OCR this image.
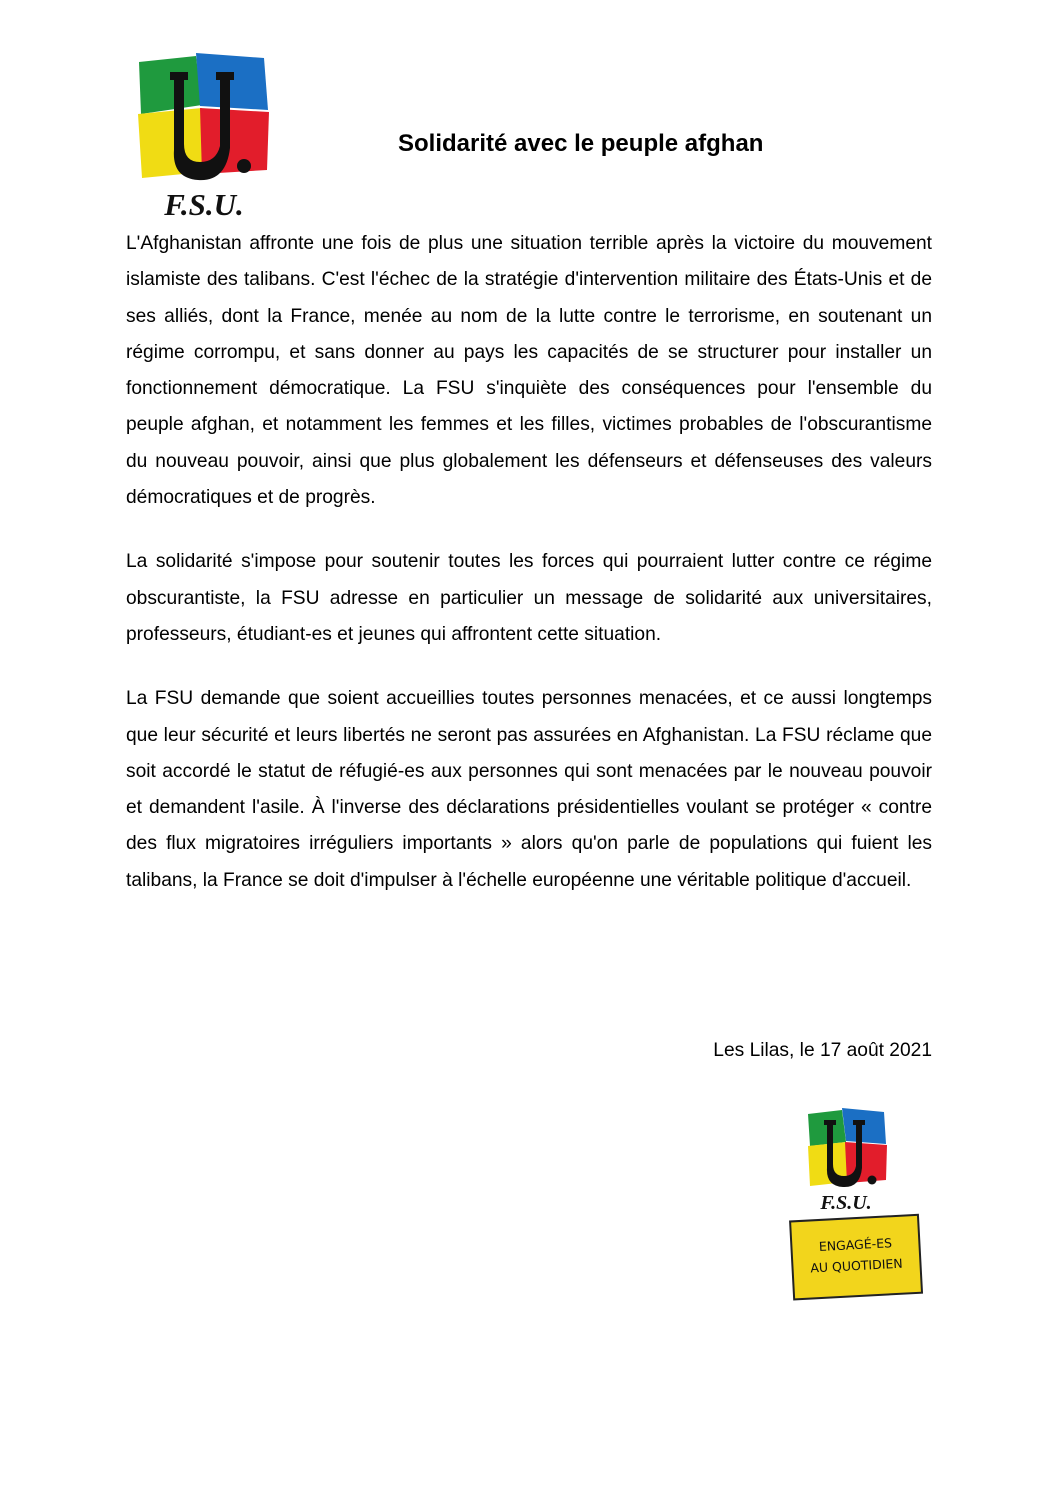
F.S.U.
Solidarité avec le peuple afghan

L'Afghanistan affronte une fois de plus une situation terrible après la victoire du mouvement islamiste des talibans. C'est l'échec de la stratégie d'intervention militaire des États-Unis et de ses alliés, dont la France, menée au nom de la lutte contre le terrorisme, en soutenant un régime corrompu, et sans donner au pays les capacités de se structurer pour installer un fonctionnement démocratique. La FSU s'inquiète des conséquences pour l'ensemble du peuple afghan, et notamment les femmes et les filles, victimes probables de l'obscurantisme du nouveau pouvoir, ainsi que plus globalement les défenseurs et défenseuses des valeurs démocratiques et de progrès.

La solidarité s'impose pour soutenir toutes les forces qui pourraient lutter contre ce régime obscurantiste, la FSU adresse en particulier un message de solidarité aux universitaires, professeurs, étudiant-es et jeunes qui affrontent cette situation.

La FSU demande que soient accueillies toutes personnes menacées, et ce aussi longtemps que leur sécurité et leurs libertés ne seront pas assurées en Afghanistan. La FSU réclame que soit accordé le statut de réfugié-es aux personnes qui sont menacées par le nouveau pouvoir et demandent l'asile. À l'inverse des déclarations présidentielles voulant se protéger « contre des flux migratoires irréguliers importants » alors qu'on parle de populations qui fuient les talibans, la France se doit d'impulser à l'échelle européenne une véritable politique d'accueil.

Les Lilas, le 17 août 2021

F.S.U.
ENGAGÉ-ES
AU QUOTIDIEN
